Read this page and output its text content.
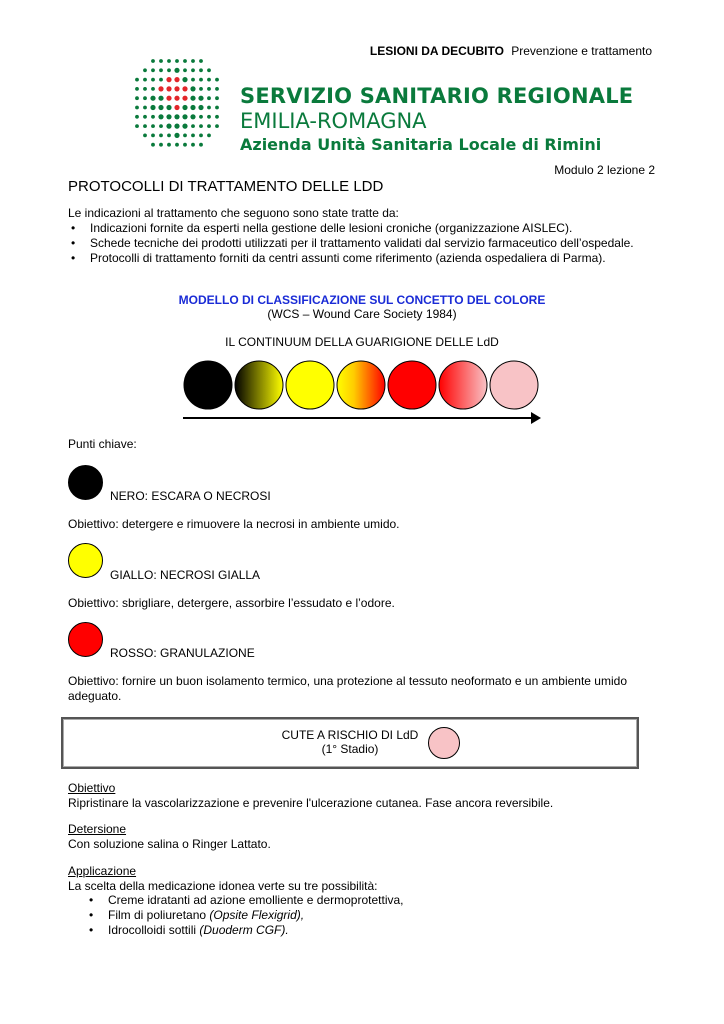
LESIONI DA DECUBITO Prevenzione e trattamento
SERVIZIO SANITARIO REGIONALE
EMILIA-ROMAGNA
Azienda Unità Sanitaria Locale di Rimini
Modulo 2 lezione 2
PROTOCOLLI DI TRATTAMENTO DELLE LDD
Le indicazioni al trattamento che seguono sono state tratte da:
• Indicazioni fornite da esperti nella gestione delle lesioni croniche (organizzazione AISLEC).
• Schede tecniche dei prodotti utilizzati per il trattamento validati dal servizio farmaceutico dell’ospedale.
• Protocolli di trattamento forniti da centri assunti come riferimento (azienda ospedaliera di Parma).
MODELLO DI CLASSIFICAZIONE SUL CONCETTO DEL COLORE
(WCS – Wound Care Society 1984)
IL CONTINUUM DELLA GUARIGIONE DELLE LdD
Punti chiave:
NERO: ESCARA O NECROSI
Obiettivo: detergere e rimuovere la necrosi in ambiente umido.
GIALLO: NECROSI GIALLA
Obiettivo: sbrigliare, detergere, assorbire l’essudato e l’odore.
ROSSO: GRANULAZIONE
Obiettivo: fornire un buon isolamento termico, una protezione al tessuto neoformato e un ambiente umido adeguato.
CUTE A RISCHIO DI LdD
(1° Stadio)
Obiettivo
Ripristinare la vascolarizzazione e prevenire l'ulcerazione cutanea. Fase ancora reversibile.
Detersione
Con soluzione salina o Ringer Lattato.
Applicazione
La scelta della medicazione idonea verte su tre possibilità:
• Creme idratanti ad azione emolliente e dermoprotettiva,
• Film di poliuretano (Opsite Flexigrid),
• Idrocolloidi sottili (Duoderm CGF).
